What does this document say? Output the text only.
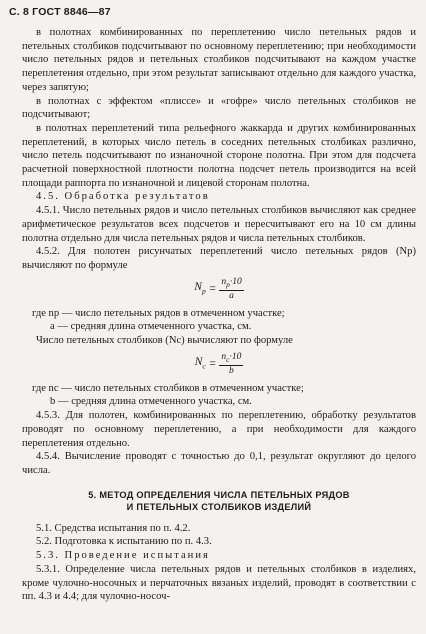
С. 8 ГОСТ 8846—87

в полотнах комбинированных по переплетению число петельных рядов и петельных столбиков подсчитывают по основному переплетению; при необходимости число петельных рядов и петельных столбиков подсчитывают на каждом участке переплетения отдельно, при этом результат записывают отдельно для каждого участка, через запятую;

в полотнах с эффектом «плиссе» и «гофре» число петельных столбиков не подсчитывают;

в полотнах переплетений типа рельефного жаккарда и других комбинированных переплетений, в которых число петель в соседних петельных столбиках различно, число петель подсчитывают по изнаночной стороне полотна. При этом для подсчета расчетной поверхностной плотности полотна подсчет петель производится на всей площади раппорта по изнаночной и лицевой сторонам полотна.

4.5. Обработка результатов

4.5.1. Число петельных рядов и число петельных столбиков вычисляют как среднее арифметическое результатов всех подсчетов и пересчитывают его на 10 см длины полотна отдельно для числа петельных рядов и числа петельных столбиков.

4.5.2. Для полотен рисунчатых переплетений число петельных рядов (Nр) вычисляют по формуле

$N_р = \frac{n_р\cdot 10}{a}$

где nр — число петельных рядов в отмеченном участке;

a — средняя длина отмеченного участка, см.

Число петельных столбиков (Nс) вычисляют по формуле

$N_с = \frac{n_с\cdot 10}{b}$

где nс — число петельных столбиков в отмеченном участке;

b — средняя длина отмеченного участка, см.

4.5.3. Для полотен, комбинированных по переплетению, обработку результатов проводят по основному переплетению, а при необходимости для каждого переплетения отдельно.

4.5.4. Вычисление проводят с точностью до 0,1, результат округляют до целого числа.

5. МЕТОД ОПРЕДЕЛЕНИЯ ЧИСЛА ПЕТЕЛЬНЫХ РЯДОВ
И ПЕТЕЛЬНЫХ СТОЛБИКОВ ИЗДЕЛИЙ

5.1. Средства испытания по п. 4.2.

5.2. Подготовка к испытанию по п. 4.3.

5.3. Проведение испытания

5.3.1. Определение числа петельных рядов и петельных столбиков в изделиях, кроме чулочно-носочных и перчаточных вязаных изделий, проводят в соответствии с пп. 4.3 и 4.4; для чулочно-носоч-
